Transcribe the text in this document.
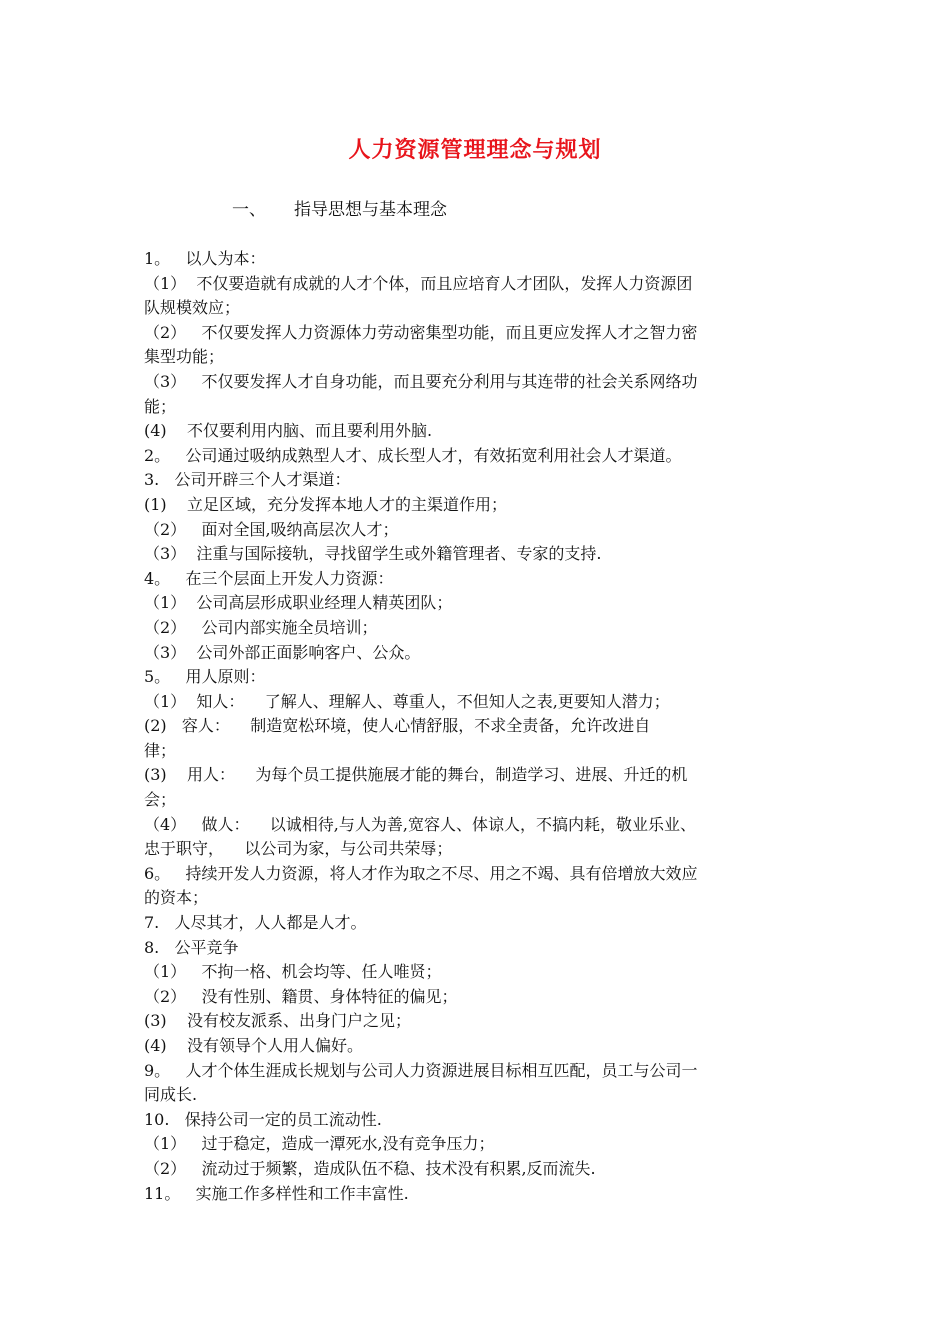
人力资源管理理念与规划
一、 指导思想与基本理念
1。   以人为本：
（1）  不仅要造就有成就的人才个体，而且应培育人才团队，发挥人力资源团
队规模效应；
（2）   不仅要发挥人力资源体力劳动密集型功能，而且更应发挥人才之智力密
集型功能；
（3）   不仅要发挥人才自身功能，而且要充分利用与其连带的社会关系网络功
能；
(4)    不仅要利用内脑、而且要利用外脑.
2。   公司通过吸纳成熟型人才、成长型人才，有效拓宽利用社会人才渠道。
3.   公司开辟三个人才渠道：
(1)    立足区域，充分发挥本地人才的主渠道作用；
（2）   面对全国,吸纳高层次人才；
（3）  注重与国际接轨，寻找留学生或外籍管理者、专家的支持.
4。   在三个层面上开发人力资源：
（1）  公司高层形成职业经理人精英团队；
（2）   公司内部实施全员培训；
（3）  公司外部正面影响客户、公众。
5。   用人原则：
（1）  知人：    了解人、理解人、尊重人，不但知人之表,更要知人潜力；
(2)   容人：    制造宽松环境，使人心情舒服，不求全责备，允许改进自
律；
(3)    用人：    为每个员工提供施展才能的舞台，制造学习、进展、升迁的机
会；
（4）   做人：    以诚相待,与人为善,宽容人、体谅人，不搞内耗，敬业乐业、
忠于职守，    以公司为家，与公司共荣辱；
6。   持续开发人力资源，将人才作为取之不尽、用之不竭、具有倍增放大效应
的资本；
7.   人尽其才，人人都是人才。
8.   公平竞争
（1）   不拘一格、机会均等、任人唯贤；
（2）   没有性别、籍贯、身体特征的偏见；
(3)    没有校友派系、出身门户之见；
(4)    没有领导个人用人偏好。
9。   人才个体生涯成长规划与公司人力资源进展目标相互匹配，员工与公司一
同成长.
10.   保持公司一定的员工流动性.
（1）   过于稳定，造成一潭死水,没有竞争压力；
（2）   流动过于频繁，造成队伍不稳、技术没有积累,反而流失.
11。   实施工作多样性和工作丰富性.
